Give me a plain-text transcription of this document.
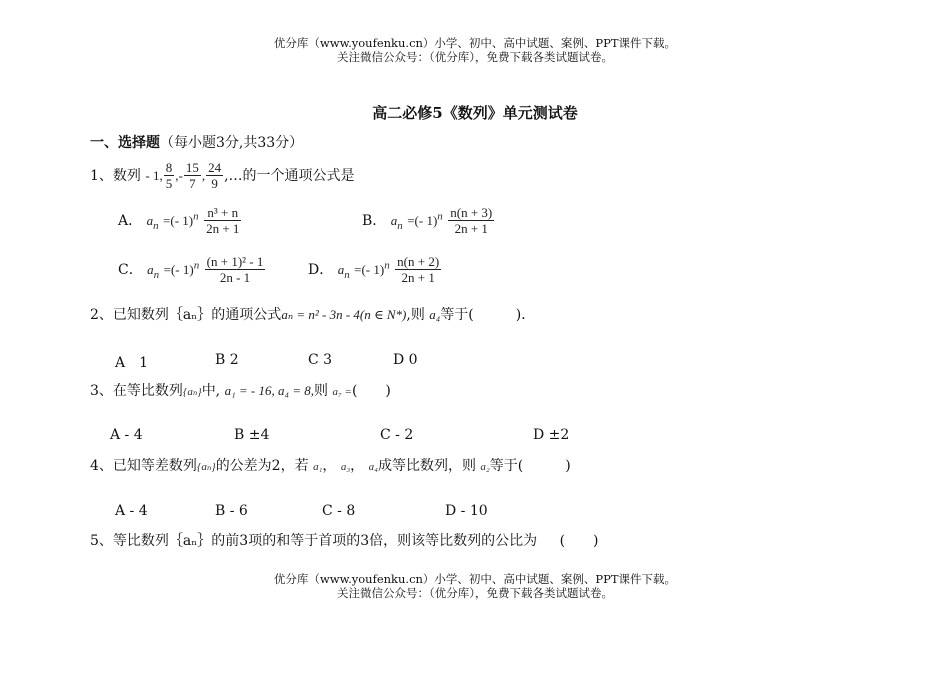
优分库（www.youfenku.cn）小学、初中、高中试题、案例、PPT课件下载。
关注微信公众号：（优分库），免费下载各类试题试卷。
高二必修5《数列》单元测试卷
一、选择题（每小题3分,共33分）
1、数列 - 1, $\frac{8}{5}$ ,- $\frac{15}{7}$ , $\frac{24}{9}$ ,…的一个通项公式是
A． $a_n$ =(- $1)^n \frac{\text{n³ + n}}{2n + 1}$	B． $a_n$ =(- $1)^n \frac{n(n + 3)}{2n + 1}$
C． $a_n$ =(- $1)^n \frac{\text{(n + 1)² - 1}}{2n - 1}$	D． $a_n$ =(- $1)^n \frac{n(n + 2)}{2n + 1}$
2、已知数列｛aₙ｝的通项公式aₙ = n² - 3n - 4(n ∈ N*),则 a₄等于(　　　)．
A　1	B 2	C 3	D 0
3、在等比数列{aₙ}中, a₁ = - 16, a₄ = 8,则 a₇ =(　　)
A - 4	B ±4	C - 2	D ±2
4、已知等差数列{aₙ}的公差为2，若 a₁， a₃， a₄成等比数列，则 a₂等于(　　　)
A - 4	B - 6	C - 8	D - 10
5、等比数列｛aₙ｝的前3项的和等于首项的3倍，则该等比数列的公比为 (　　)
优分库（www.youfenku.cn）小学、初中、高中试题、案例、PPT课件下载。
关注微信公众号：（优分库），免费下载各类试题试卷。
